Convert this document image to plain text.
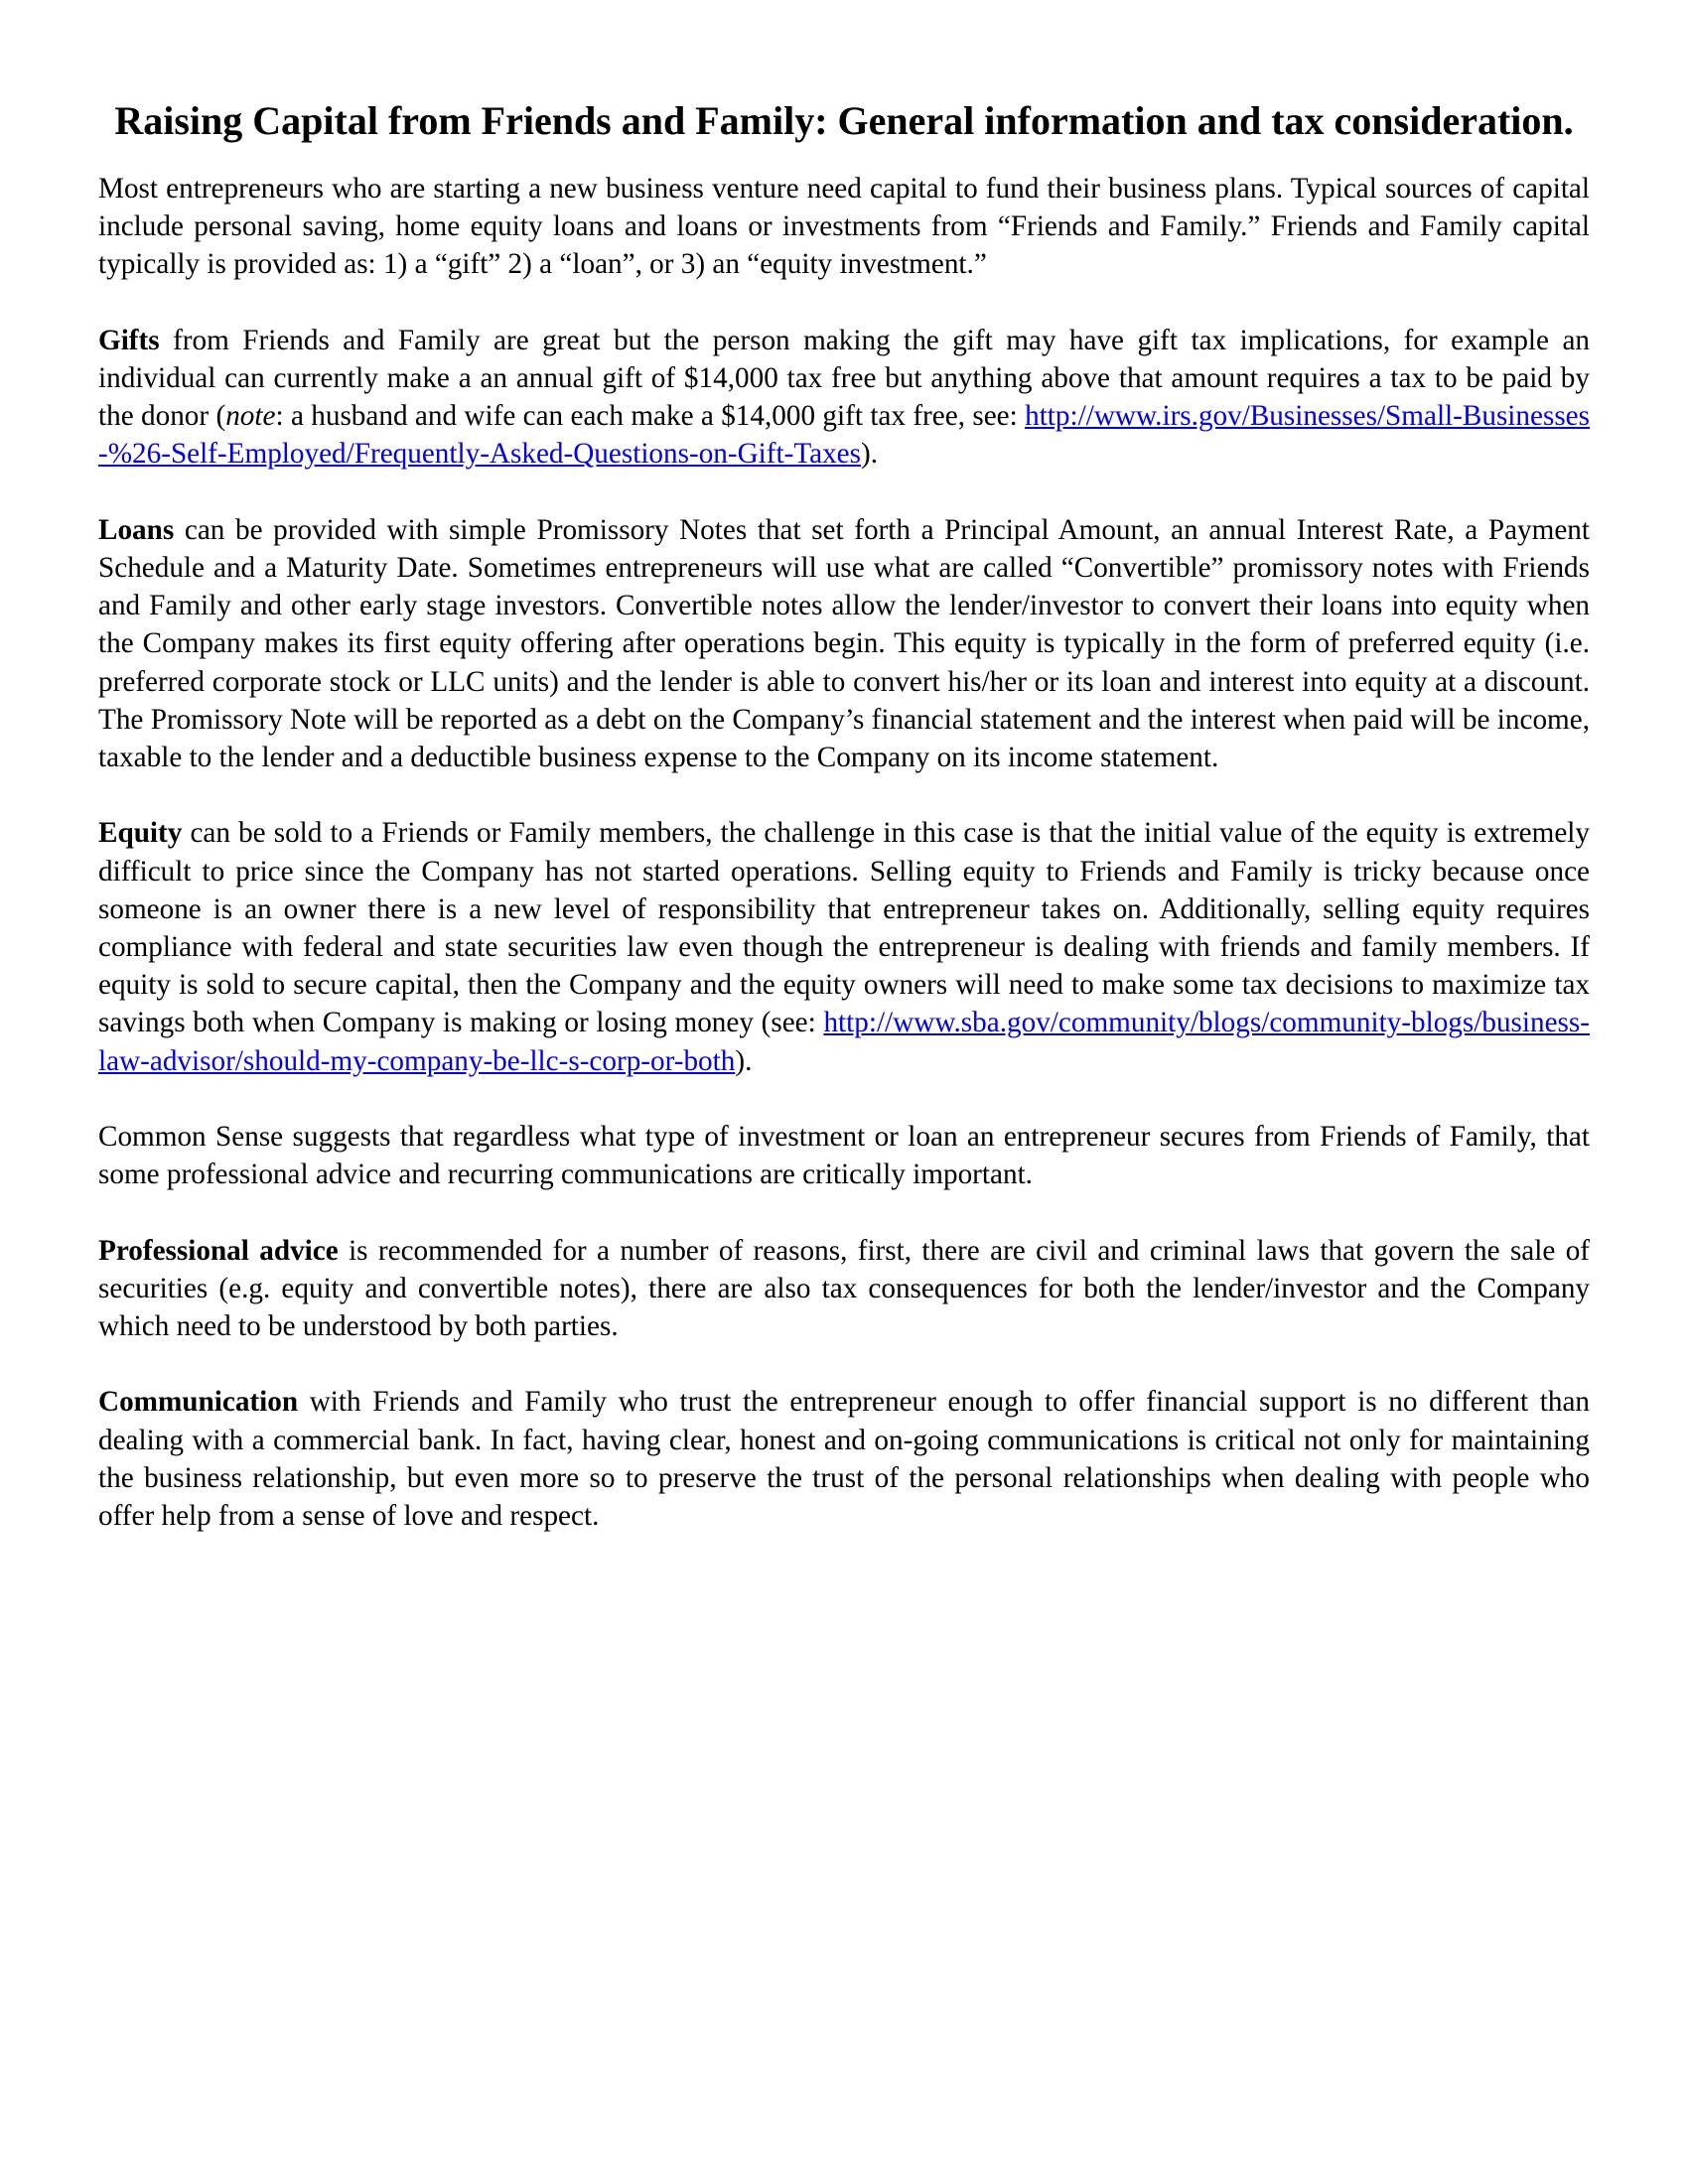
Raising Capital from Friends and Family: General information and tax consideration.

Most entrepreneurs who are starting a new business venture need capital to fund their business plans. Typical sources of capital include personal saving, home equity loans and loans or investments from “Friends and Family.” Friends and Family capital typically is provided as: 1) a “gift” 2) a “loan”, or 3) an “equity investment.”

Gifts from Friends and Family are great but the person making the gift may have gift tax implications, for example an individual can currently make a an annual gift of $14,000 tax free but anything above that amount requires a tax to be paid by the donor (note: a husband and wife can each make a $14,000 gift tax free, see: http://www.irs.gov/Businesses/Small-Businesses-%26-Self-Employed/Frequently-Asked-Questions-on-Gift-Taxes).

Loans can be provided with simple Promissory Notes that set forth a Principal Amount, an annual Interest Rate, a Payment Schedule and a Maturity Date. Sometimes entrepreneurs will use what are called “Convertible” promissory notes with Friends and Family and other early stage investors. Convertible notes allow the lender/investor to convert their loans into equity when the Company makes its first equity offering after operations begin. This equity is typically in the form of preferred equity (i.e. preferred corporate stock or LLC units) and the lender is able to convert his/her or its loan and interest into equity at a discount. The Promissory Note will be reported as a debt on the Company’s financial statement and the interest when paid will be income, taxable to the lender and a deductible business expense to the Company on its income statement.

Equity can be sold to a Friends or Family members, the challenge in this case is that the initial value of the equity is extremely difficult to price since the Company has not started operations. Selling equity to Friends and Family is tricky because once someone is an owner there is a new level of responsibility that entrepreneur takes on. Additionally, selling equity requires compliance with federal and state securities law even though the entrepreneur is dealing with friends and family members. If equity is sold to secure capital, then the Company and the equity owners will need to make some tax decisions to maximize tax savings both when Company is making or losing money (see: http://www.sba.gov/community/blogs/community-blogs/business-law-advisor/should-my-company-be-llc-s-corp-or-both).

Common Sense suggests that regardless what type of investment or loan an entrepreneur secures from Friends of Family, that some professional advice and recurring communications are critically important.

Professional advice is recommended for a number of reasons, first, there are civil and criminal laws that govern the sale of securities (e.g. equity and convertible notes), there are also tax consequences for both the lender/investor and the Company which need to be understood by both parties.

Communication with Friends and Family who trust the entrepreneur enough to offer financial support is no different than dealing with a commercial bank. In fact, having clear, honest and on-going communications is critical not only for maintaining the business relationship, but even more so to preserve the trust of the personal relationships when dealing with people who offer help from a sense of love and respect.
